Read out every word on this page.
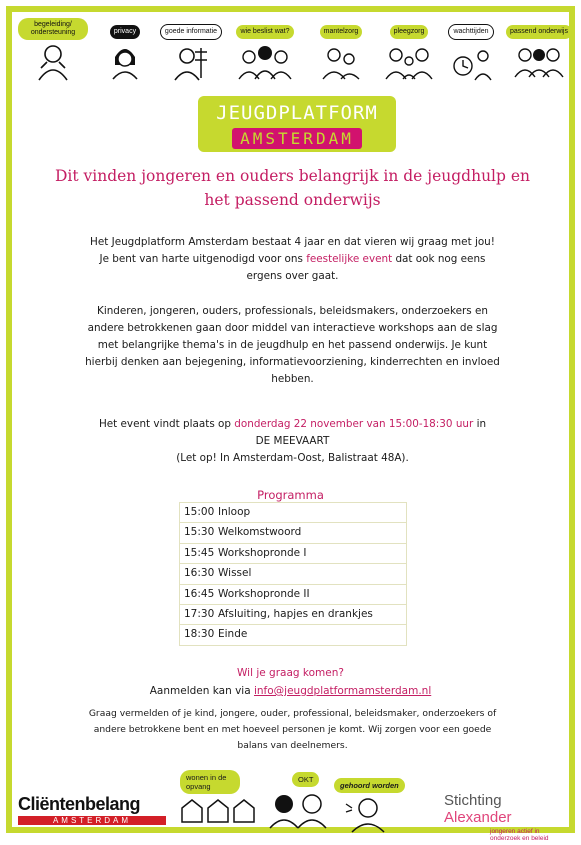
begeleiding/ ondersteuning	privacy	goede informatie	wie beslist wat?	mantelzorg	pleegzorg	wachttijden	passend onderwijs
JEUGDPLATFORM
AMSTERDAM
Dit vinden jongeren en ouders belangrijk in de jeugdhulp en
het passend onderwijs
Het Jeugdplatform Amsterdam bestaat 4 jaar en dat vieren wij graag met jou!
Je bent van harte uitgenodigd voor ons feestelijke event dat ook nog eens
ergens over gaat.
Kinderen, jongeren, ouders, professionals, beleidsmakers, onderzoekers en
andere betrokkenen gaan door middel van interactieve workshops aan de slag
met belangrijke thema's in de jeugdhulp en het passend onderwijs. Je kunt
hierbij denken aan bejegening, informatievoorziening, kinderrechten en invloed
hebben.
Het event vindt plaats op donderdag 22 november van 15:00-18:30 uur in
DE MEEVAART
(Let op! In Amsterdam-Oost, Balistraat 48A).
Programma
15:00 Inloop
15:30 Welkomstwoord
15:45 Workshopronde I
16:30 Wissel
16:45 Workshopronde II
17:30 Afsluiting, hapjes en drankjes
18:30 Einde
Wil je graag komen?
Aanmelden kan via info@jeugdplatformamsterdam.nl
Graag vermelden of je kind, jongere, ouder, professional, beleidsmaker, onderzoekers of
andere betrokkene bent en met hoeveel personen je komt. Wij zorgen voor een goede
balans van deelnemers.
Cliëntenbelang
AMSTERDAM
wonen in de opvang
OKT
gehoord worden
Stichting Alexander
jongeren actief in
onderzoek en beleid
